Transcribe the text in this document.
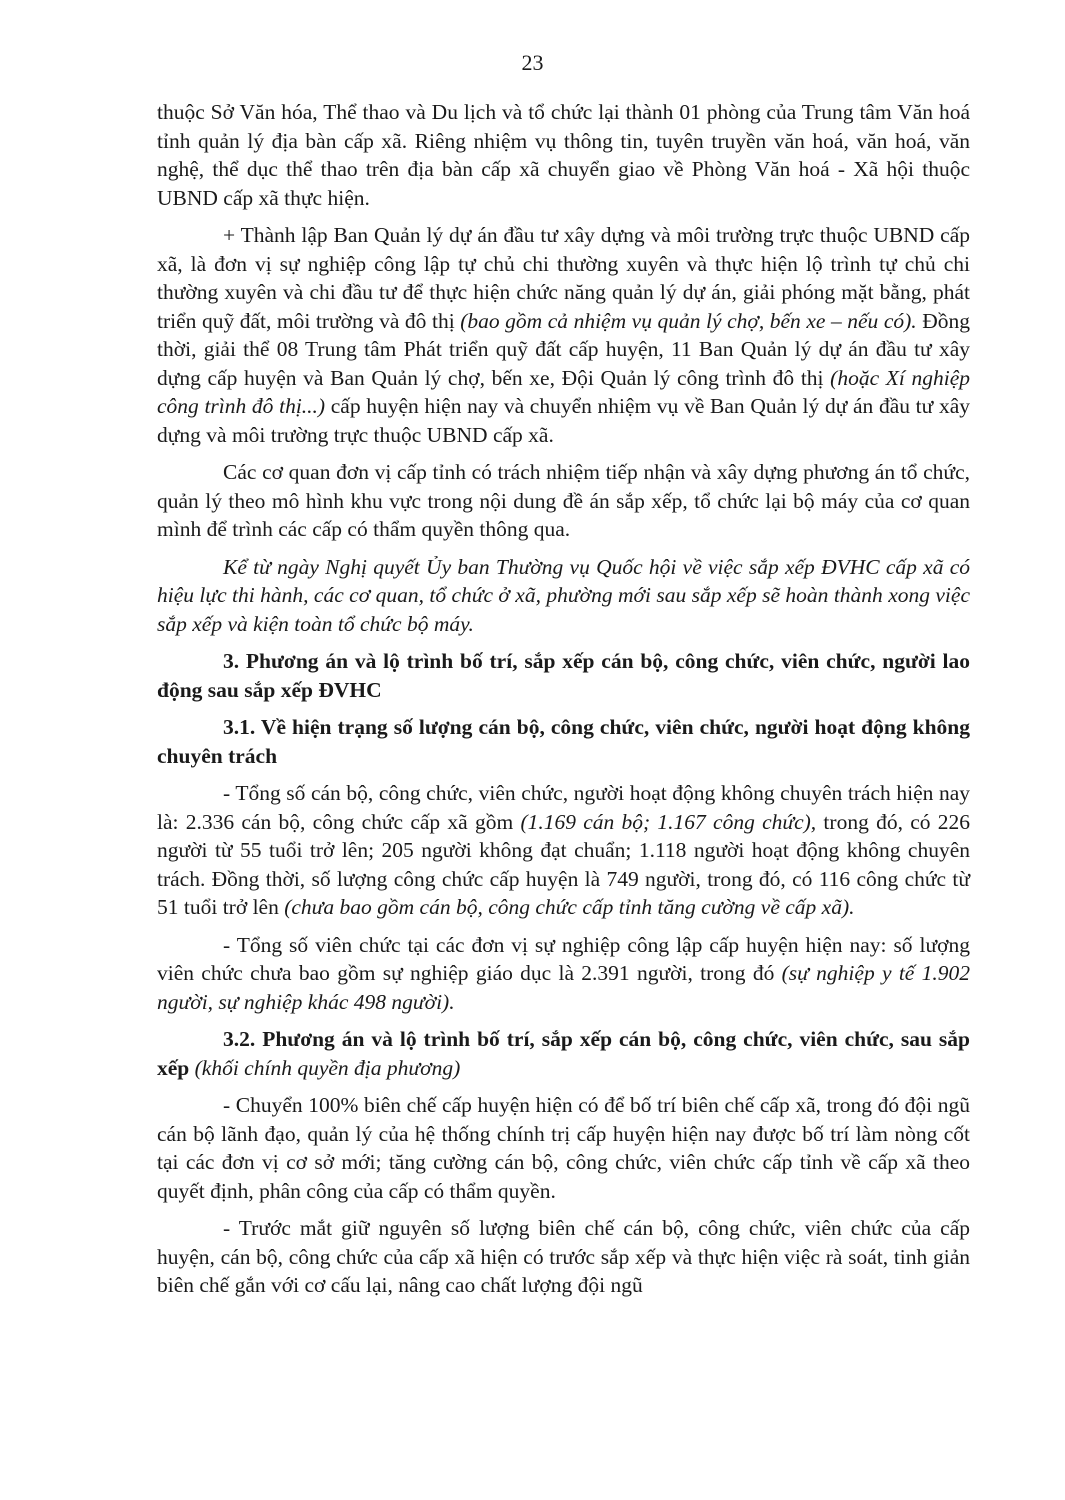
23

thuộc Sở Văn hóa, Thể thao và Du lịch và tổ chức lại thành 01 phòng của Trung tâm Văn hoá tỉnh quản lý địa bàn cấp xã. Riêng nhiệm vụ thông tin, tuyên truyền văn hoá, văn hoá, văn nghệ, thể dục thể thao trên địa bàn cấp xã chuyển giao về Phòng Văn hoá - Xã hội thuộc UBND cấp xã thực hiện.

+ Thành lập Ban Quản lý dự án đầu tư xây dựng và môi trường trực thuộc UBND cấp xã, là đơn vị sự nghiệp công lập tự chủ chi thường xuyên và thực hiện lộ trình tự chủ chi thường xuyên và chi đầu tư để thực hiện chức năng quản lý dự án, giải phóng mặt bằng, phát triển quỹ đất, môi trường và đô thị (bao gồm cả nhiệm vụ quản lý chợ, bến xe – nếu có). Đồng thời, giải thể 08 Trung tâm Phát triển quỹ đất cấp huyện, 11 Ban Quản lý dự án đầu tư xây dựng cấp huyện và Ban Quản lý chợ, bến xe, Đội Quản lý công trình đô thị (hoặc Xí nghiệp công trình đô thị...) cấp huyện hiện nay và chuyển nhiệm vụ về Ban Quản lý dự án đầu tư xây dựng và môi trường trực thuộc UBND cấp xã.

Các cơ quan đơn vị cấp tỉnh có trách nhiệm tiếp nhận và xây dựng phương án tổ chức, quản lý theo mô hình khu vực trong nội dung đề án sắp xếp, tổ chức lại bộ máy của cơ quan mình để trình các cấp có thẩm quyền thông qua.

Kể từ ngày Nghị quyết Ủy ban Thường vụ Quốc hội về việc sắp xếp ĐVHC cấp xã có hiệu lực thi hành, các cơ quan, tổ chức ở xã, phường mới sau sắp xếp sẽ hoàn thành xong việc sắp xếp và kiện toàn tổ chức bộ máy.

3. Phương án và lộ trình bố trí, sắp xếp cán bộ, công chức, viên chức, người lao động sau sắp xếp ĐVHC

3.1. Về hiện trạng số lượng cán bộ, công chức, viên chức, người hoạt động không chuyên trách

- Tổng số cán bộ, công chức, viên chức, người hoạt động không chuyên trách hiện nay là: 2.336 cán bộ, công chức cấp xã gồm (1.169 cán bộ; 1.167 công chức), trong đó, có 226 người từ 55 tuổi trở lên; 205 người không đạt chuẩn; 1.118 người hoạt động không chuyên trách. Đồng thời, số lượng công chức cấp huyện là 749 người, trong đó, có 116 công chức từ 51 tuổi trở lên (chưa bao gồm cán bộ, công chức cấp tỉnh tăng cường về cấp xã).

- Tổng số viên chức tại các đơn vị sự nghiệp công lập cấp huyện hiện nay: số lượng viên chức chưa bao gồm sự nghiệp giáo dục là 2.391 người, trong đó (sự nghiệp y tế 1.902 người, sự nghiệp khác 498 người).

3.2. Phương án và lộ trình bố trí, sắp xếp cán bộ, công chức, viên chức, sau sắp xếp (khối chính quyền địa phương)

- Chuyển 100% biên chế cấp huyện hiện có để bố trí biên chế cấp xã, trong đó đội ngũ cán bộ lãnh đạo, quản lý của hệ thống chính trị cấp huyện hiện nay được bố trí làm nòng cốt tại các đơn vị cơ sở mới; tăng cường cán bộ, công chức, viên chức cấp tỉnh về cấp xã theo quyết định, phân công của cấp có thẩm quyền.

- Trước mắt giữ nguyên số lượng biên chế cán bộ, công chức, viên chức của cấp huyện, cán bộ, công chức của cấp xã hiện có trước sắp xếp và thực hiện việc rà soát, tinh giản biên chế gắn với cơ cấu lại, nâng cao chất lượng đội ngũ
